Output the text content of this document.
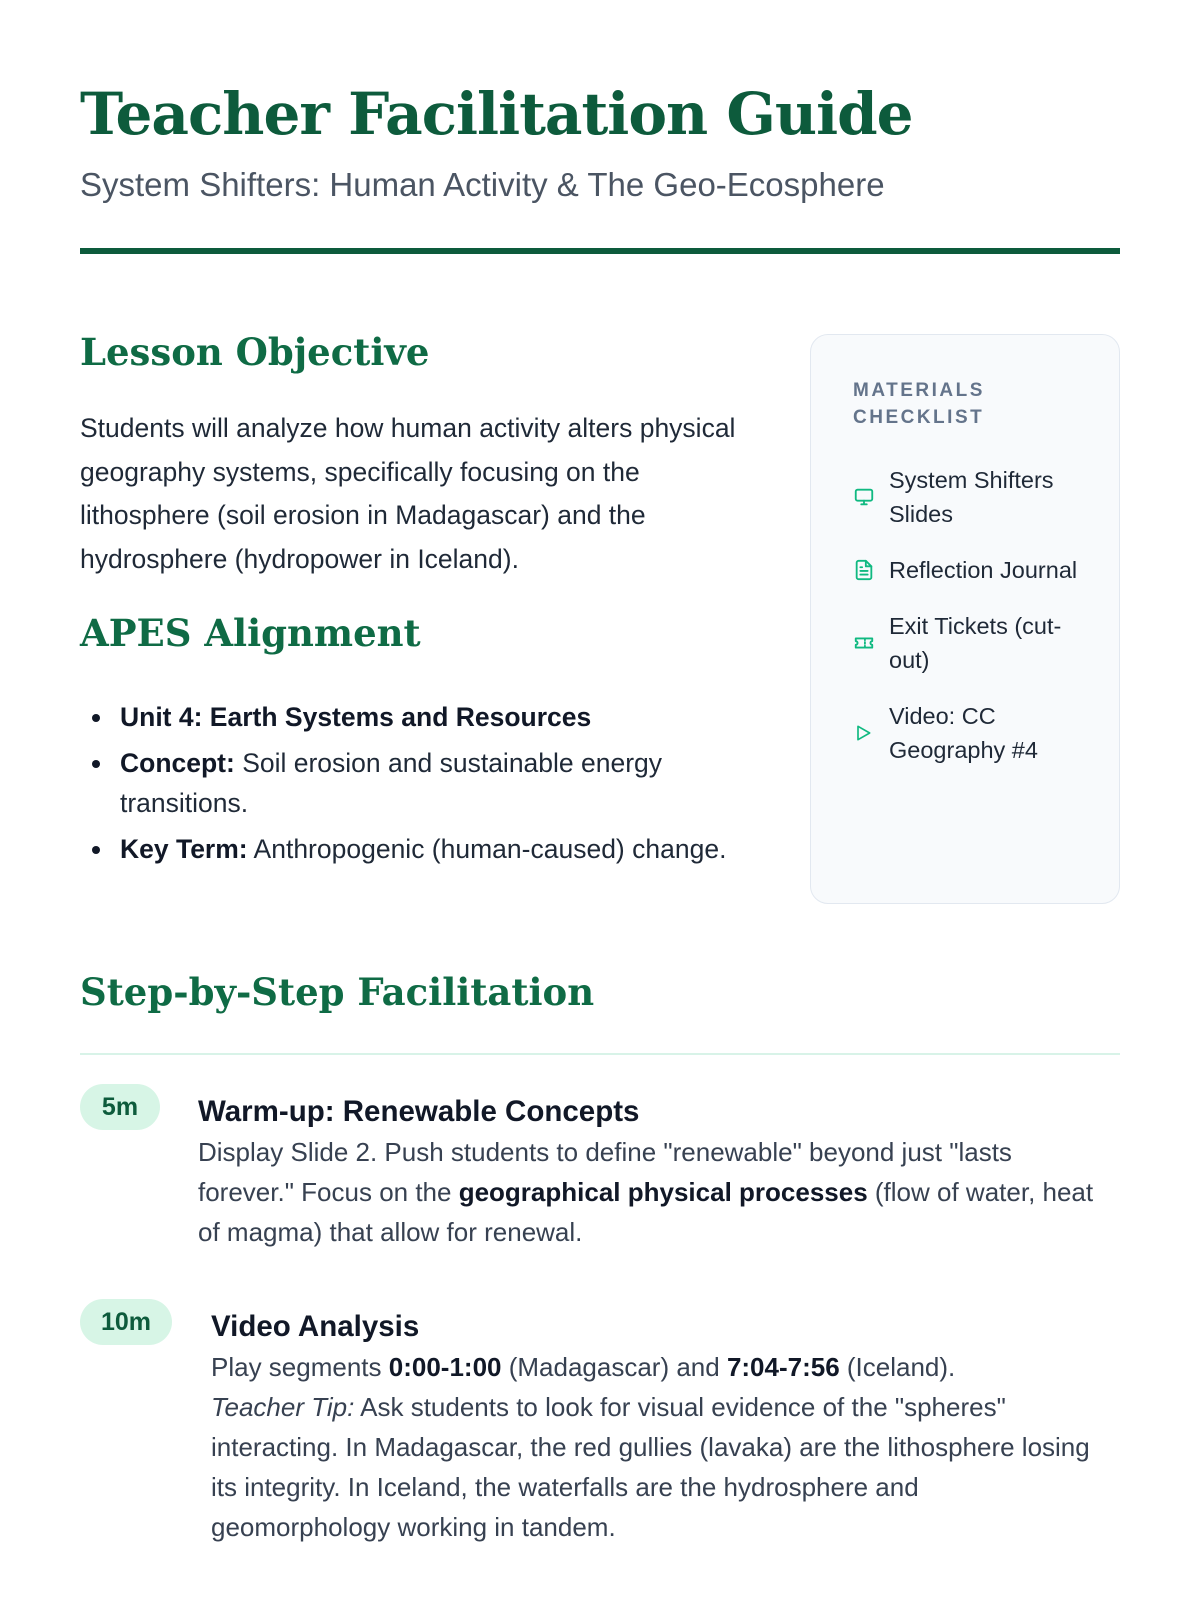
Teacher Facilitation Guide
System Shifters: Human Activity & The Geo-Ecosphere
Lesson Objective
Students will analyze how human activity alters physical geography systems, specifically focusing on the lithosphere (soil erosion in Madagascar) and the hydrosphere (hydropower in Iceland).
APES Alignment
Unit 4: Earth Systems and Resources
Concept: Soil erosion and sustainable energy transitions.
Key Term: Anthropogenic (human-caused) change.
MATERIALS CHECKLIST
System Shifters Slides
Reflection Journal
Exit Tickets (cut-out)
Video: CC Geography #4
Step-by-Step Facilitation
5m	Warm-up: Renewable Concepts
Display Slide 2. Push students to define "renewable" beyond just "lasts forever." Focus on the geographical physical processes (flow of water, heat of magma) that allow for renewal.
10m	Video Analysis
Play segments 0:00-1:00 (Madagascar) and 7:04-7:56 (Iceland).
Teacher Tip: Ask students to look for visual evidence of the "spheres" interacting. In Madagascar, the red gullies (lavaka) are the lithosphere losing its integrity. In Iceland, the waterfalls are the hydrosphere and geomorphology working in tandem.
